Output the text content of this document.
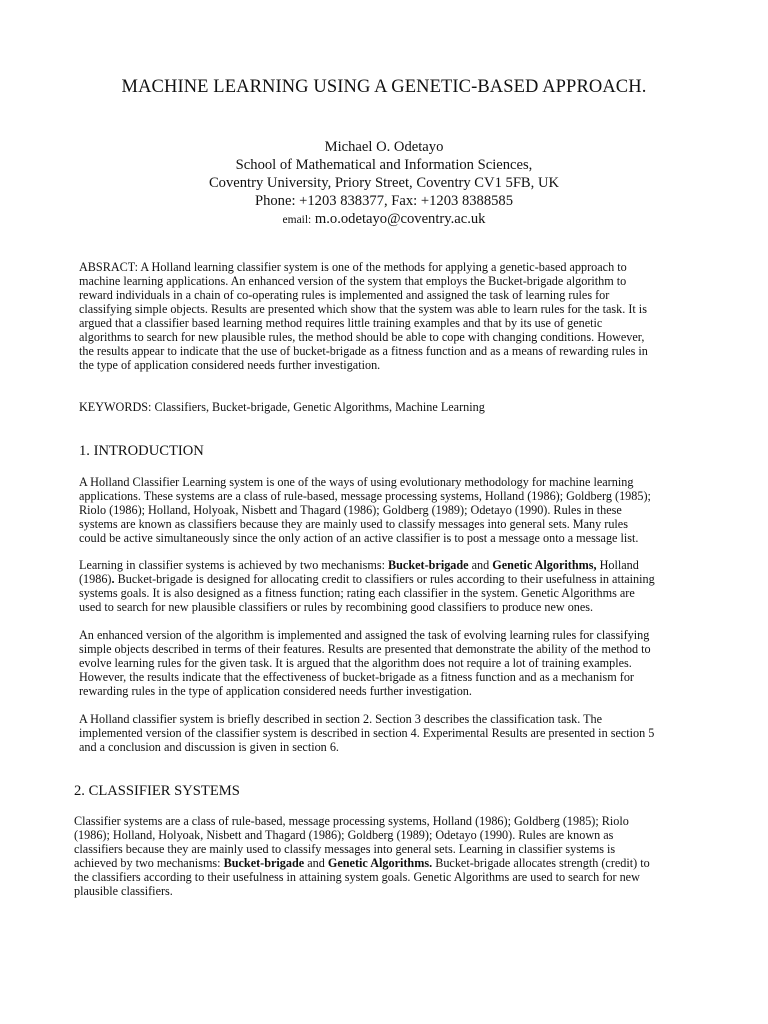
MACHINE LEARNING USING A GENETIC-BASED APPROACH.
Michael O. Odetayo
School of Mathematical and Information Sciences,
Coventry University, Priory Street, Coventry CV1 5FB, UK
Phone: +1203 838377, Fax: +1203 8388585
email: m.o.odetayo@coventry.ac.uk
ABSRACT: A Holland learning classifier system is one of the methods for applying a genetic-based approach to
machine learning applications. An enhanced version of the system that employs the Bucket-brigade algorithm to
reward individuals in a chain of co-operating rules is implemented and assigned the task of learning rules for
classifying simple objects. Results are presented which show that the system was able to learn rules for the task. It is
argued that a classifier based learning method requires little training examples and that by its use of genetic
algorithms to search for new plausible rules, the method should be able to cope with changing conditions. However,
the results appear to indicate that the use of bucket-brigade as a fitness function and as a means of rewarding rules in
the type of application considered needs further investigation.

KEYWORDS: Classifiers, Bucket-brigade, Genetic Algorithms, Machine Learning

1. INTRODUCTION
A Holland Classifier Learning system is one of the ways of using evolutionary methodology for machine learning
applications. These systems are a class of rule-based, message processing systems, Holland (1986); Goldberg (1985);
Riolo (1986); Holland, Holyoak, Nisbett and Thagard (1986); Goldberg (1989); Odetayo (1990). Rules in these
systems are known as classifiers because they are mainly used to classify messages into general sets. Many rules
could be active simultaneously since the only action of an active classifier is to post a message onto a message list.
Learning in classifier systems is achieved by two mechanisms: Bucket-brigade and Genetic Algorithms, Holland
(1986). Bucket-brigade is designed for allocating credit to classifiers or rules according to their usefulness in attaining
systems goals. It is also designed as a fitness function; rating each classifier in the system. Genetic Algorithms are
used to search for new plausible classifiers or rules by recombining good classifiers to produce new ones.
An enhanced version of the algorithm is implemented and assigned the task of evolving learning rules for classifying
simple objects described in terms of their features. Results are presented that demonstrate the ability of the method to
evolve learning rules for the given task. It is argued that the algorithm does not require a lot of training examples.
However, the results indicate that the effectiveness of bucket-brigade as a fitness function and as a mechanism for
rewarding rules in the type of application considered needs further investigation.
A Holland classifier system is briefly described in section 2. Section 3 describes the classification task. The
implemented version of the classifier system is described in section 4. Experimental Results are presented in section 5
and a conclusion and discussion is given in section 6.
2. CLASSIFIER SYSTEMS
Classifier systems are a class of rule-based, message processing systems, Holland (1986); Goldberg (1985); Riolo
(1986); Holland, Holyoak, Nisbett and Thagard (1986); Goldberg (1989); Odetayo (1990). Rules are known as
classifiers because they are mainly used to classify messages into general sets. Learning in classifier systems is
achieved by two mechanisms: Bucket-brigade and Genetic Algorithms. Bucket-brigade allocates strength (credit) to
the classifiers according to their usefulness in attaining system goals. Genetic Algorithms are used to search for new
plausible classifiers.
